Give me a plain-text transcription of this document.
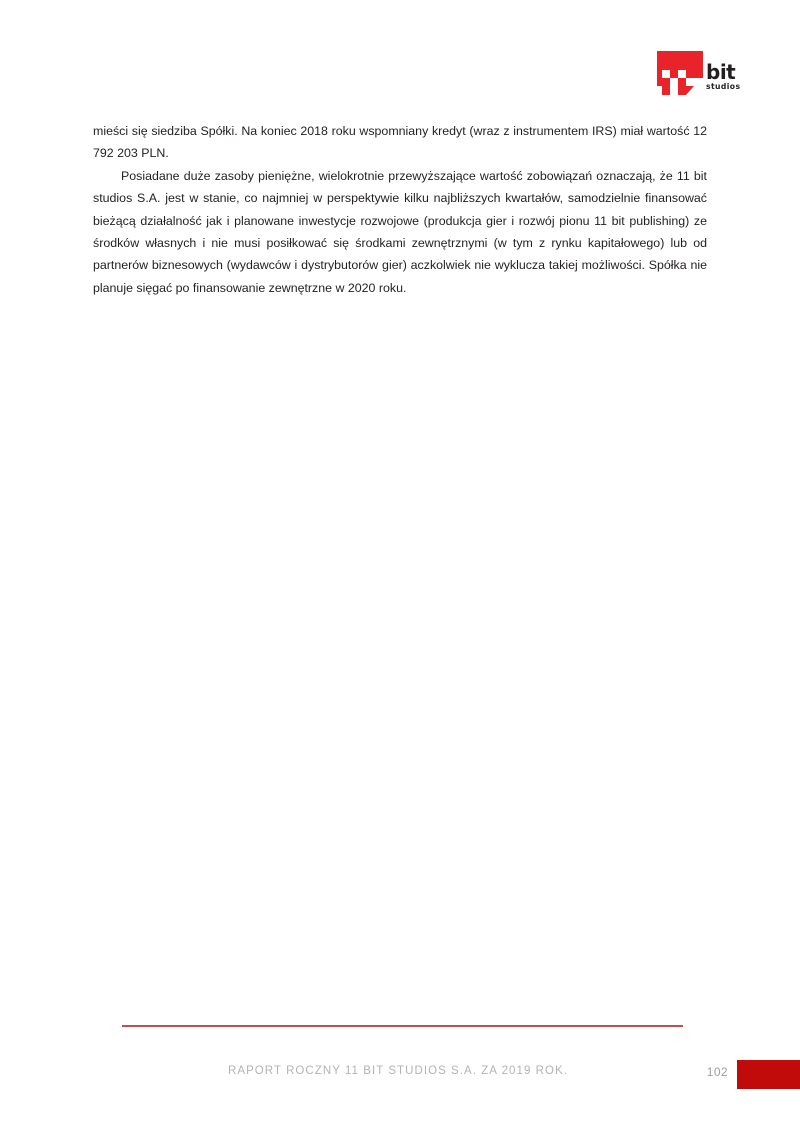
bit
studios

mieści się siedziba Spółki. Na koniec 2018 roku wspomniany kredyt (wraz z instrumentem IRS) miał wartość 12 792 203 PLN.

Posiadane duże zasoby pieniężne, wielokrotnie przewyższające wartość zobowiązań oznaczają, że 11 bit studios S.A. jest w stanie, co najmniej w perspektywie kilku najbliższych kwartałów, samodzielnie finansować bieżącą działalność jak i planowane inwestycje rozwojowe (produkcja gier i rozwój pionu 11 bit publishing) ze środków własnych i nie musi posiłkować się środkami zewnętrznymi (w tym z rynku kapitałowego) lub od partnerów biznesowych (wydawców i dystrybutorów gier) aczkolwiek nie wyklucza takiej możliwości. Spółka nie planuje sięgać po finansowanie zewnętrzne w 2020 roku.

RAPORT ROCZNY 11 BIT STUDIOS S.A. ZA 2019 ROK.	102
